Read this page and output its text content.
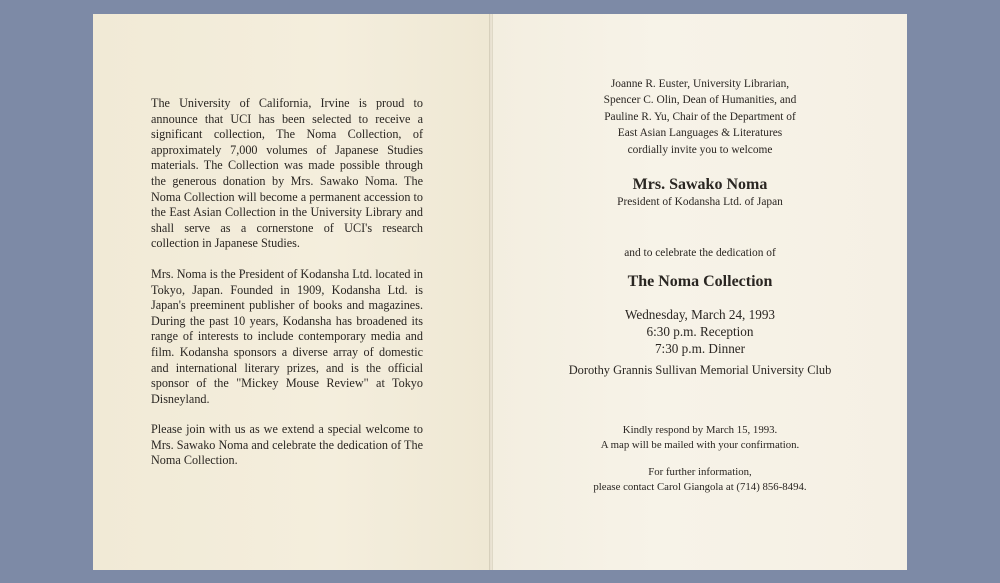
The University of California, Irvine is proud to announce that UCI has been selected to receive a significant collection, The Noma Collection, of approximately 7,000 volumes of Japanese Studies materials. The Collection was made possible through the generous donation by Mrs. Sawako Noma. The Noma Collection will become a permanent accession to the East Asian Collection in the University Library and shall serve as a cornerstone of UCI's research collection in Japanese Studies.

Mrs. Noma is the President of Kodansha Ltd. located in Tokyo, Japan. Founded in 1909, Kodansha Ltd. is Japan's preeminent publisher of books and magazines. During the past 10 years, Kodansha has broadened its range of interests to include contemporary media and film. Kodansha sponsors a diverse array of domestic and international literary prizes, and is the official sponsor of the "Mickey Mouse Review" at Tokyo Disneyland.

Please join with us as we extend a special welcome to Mrs. Sawako Noma and celebrate the dedication of The Noma Collection.

Joanne R. Euster, University Librarian,
Spencer C. Olin, Dean of Humanities, and
Pauline R. Yu, Chair of the Department of
East Asian Languages & Literatures
cordially invite you to welcome
Mrs. Sawako Noma
President of Kodansha Ltd. of Japan
and to celebrate the dedication of
The Noma Collection
Wednesday, March 24, 1993
6:30 p.m. Reception
7:30 p.m. Dinner
Dorothy Grannis Sullivan Memorial University Club
Kindly respond by March 15, 1993.
A map will be mailed with your confirmation.
For further information,
please contact Carol Giangola at (714) 856-8494.
